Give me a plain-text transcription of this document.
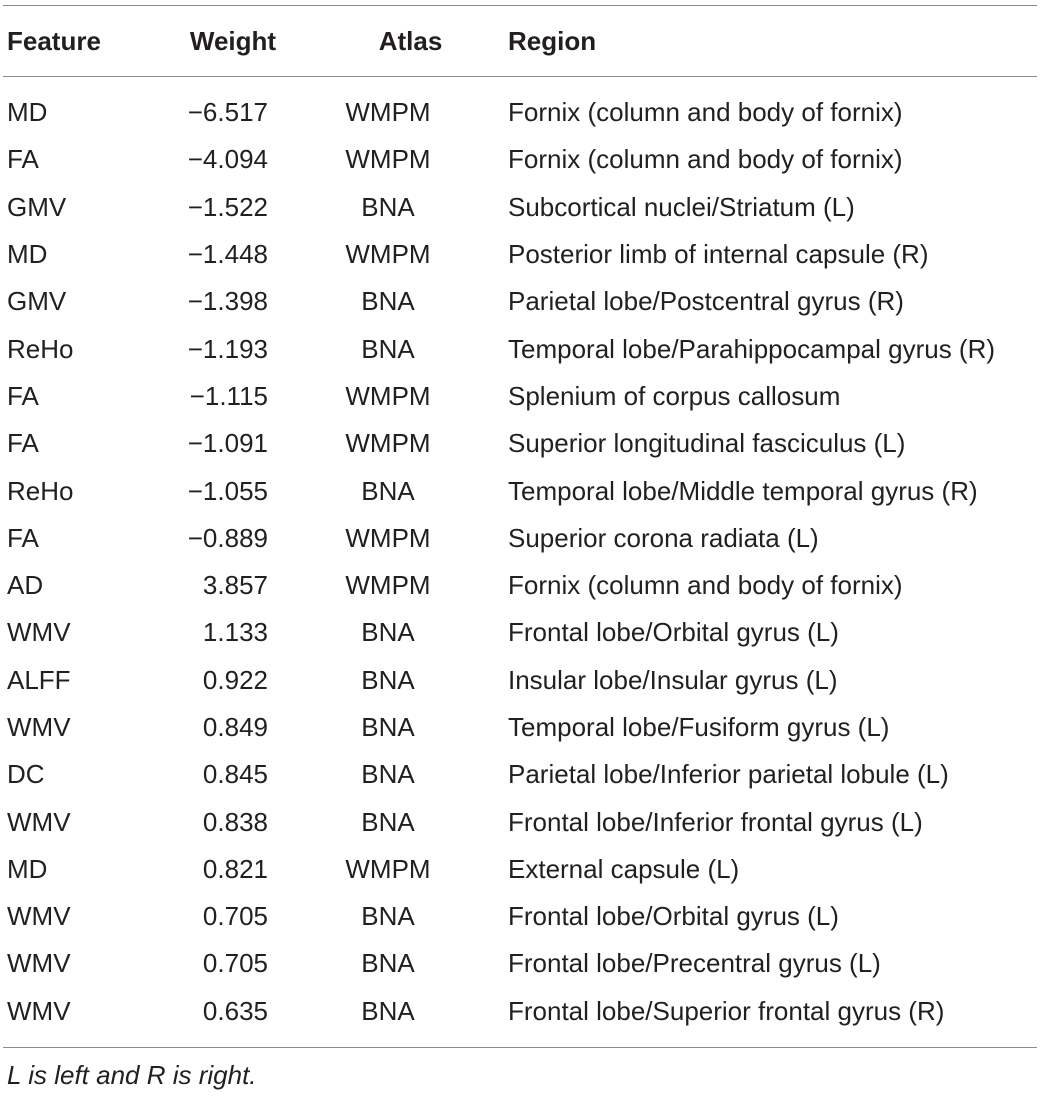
Feature	Weight	Atlas	Region
MD	−6.517	WMPM	Fornix (column and body of fornix)
FA	−4.094	WMPM	Fornix (column and body of fornix)
GMV	−1.522	BNA	Subcortical nuclei/Striatum (L)
MD	−1.448	WMPM	Posterior limb of internal capsule (R)
GMV	−1.398	BNA	Parietal lobe/Postcentral gyrus (R)
ReHo	−1.193	BNA	Temporal lobe/Parahippocampal gyrus (R)
FA	−1.115	WMPM	Splenium of corpus callosum
FA	−1.091	WMPM	Superior longitudinal fasciculus (L)
ReHo	−1.055	BNA	Temporal lobe/Middle temporal gyrus (R)
FA	−0.889	WMPM	Superior corona radiata (L)
AD	3.857	WMPM	Fornix (column and body of fornix)
WMV	1.133	BNA	Frontal lobe/Orbital gyrus (L)
ALFF	0.922	BNA	Insular lobe/Insular gyrus (L)
WMV	0.849	BNA	Temporal lobe/Fusiform gyrus (L)
DC	0.845	BNA	Parietal lobe/Inferior parietal lobule (L)
WMV	0.838	BNA	Frontal lobe/Inferior frontal gyrus (L)
MD	0.821	WMPM	External capsule (L)
WMV	0.705	BNA	Frontal lobe/Orbital gyrus (L)
WMV	0.705	BNA	Frontal lobe/Precentral gyrus (L)
WMV	0.635	BNA	Frontal lobe/Superior frontal gyrus (R)
L is left and R is right.
